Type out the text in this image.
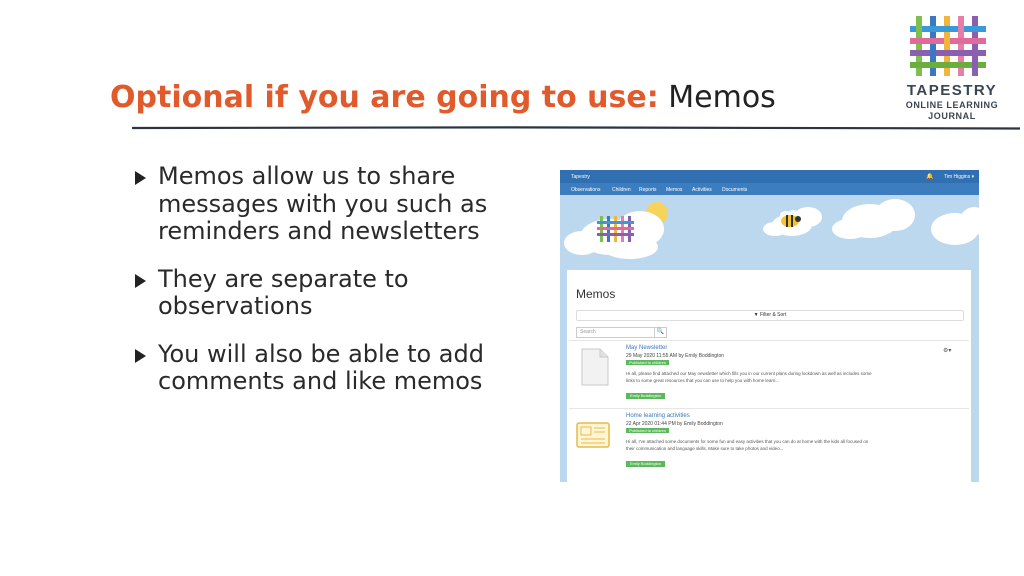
Optional if you are going to use: Memos	TAPESTRY
ONLINE LEARNING
JOURNAL
Memos allow us to share messages with you such as reminders and newsletters
They are separate to observations
You will also be able to add comments and like memos
Tapestry	🔔 Tim Higgins ▾
Observations Children Reports Memos Activities Documents
Memos
▼ Filter & Sort
Search	🔍
May Newsletter
29 May 2020 11:55 AM by Emily Boddington
Published to children
Hi all, please find attached our May newsletter which fills you in our current plans during lockdown as well as includes some links to some great resources that you can use to help you with home learn...
Emily Boddington
⚙▾
Home learning activities
22 Apr 2020 01:44 PM by Emily Boddington
Published to children
Hi all, I've attached some documents for some fun and easy activities that you can do at home with the kids all focused on their communication and language skills. Make sure to take photos and video...
Emily Boddington
